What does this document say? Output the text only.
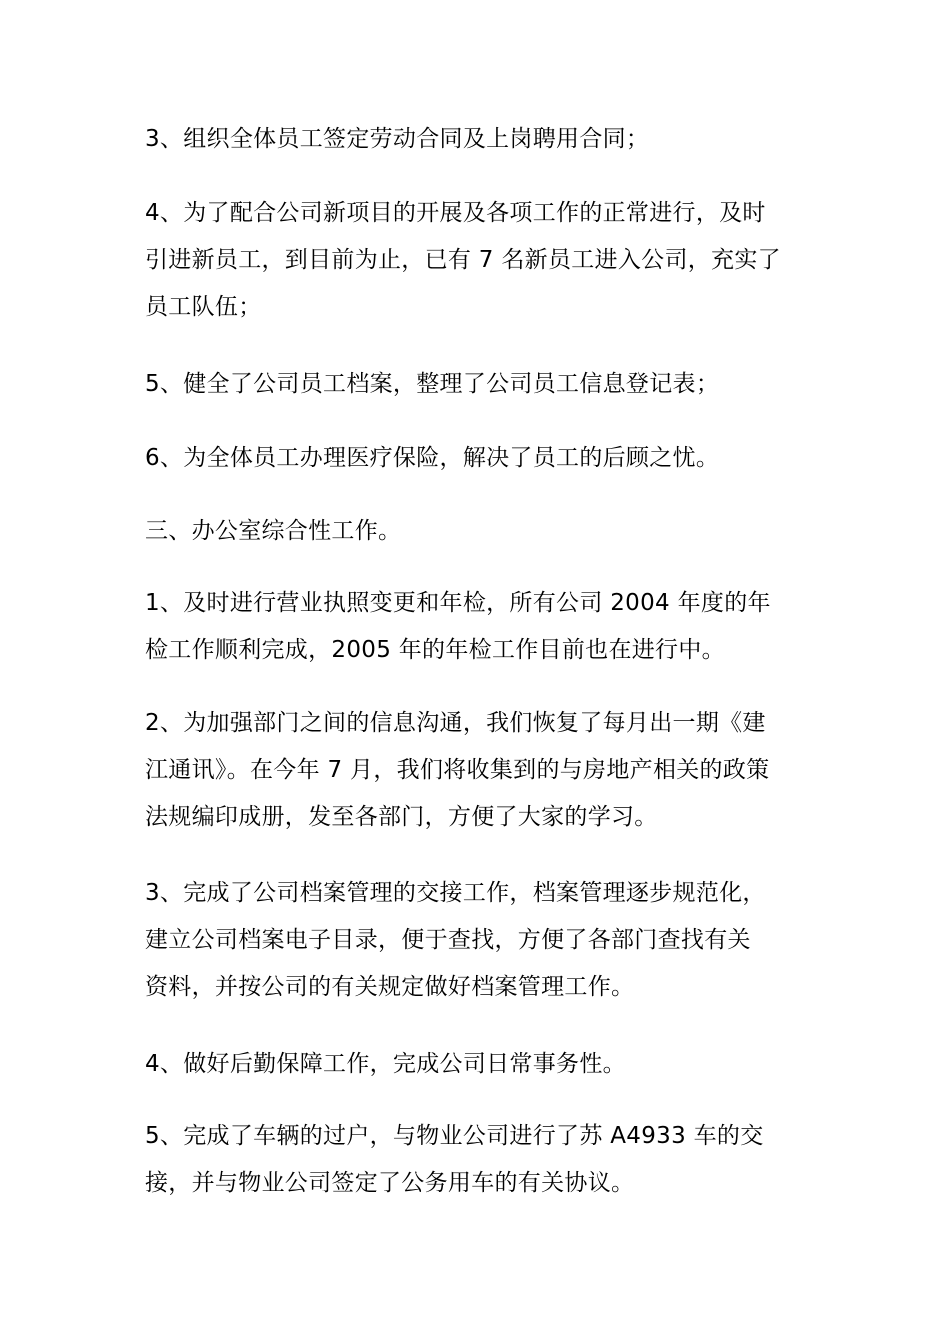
3、组织全体员工签定劳动合同及上岗聘用合同；

4、为了配合公司新项目的开展及各项工作的正常进行，及时
引进新员工，到目前为止，已有 7 名新员工进入公司，充实了
员工队伍；

5、健全了公司员工档案，整理了公司员工信息登记表；

6、为全体员工办理医疗保险，解决了员工的后顾之忧。

三、办公室综合性工作。

1、及时进行营业执照变更和年检，所有公司 2004 年度的年
检工作顺利完成，2005 年的年检工作目前也在进行中。

2、为加强部门之间的信息沟通，我们恢复了每月出一期《建
江通讯》。在今年 7 月，我们将收集到的与房地产相关的政策
法规编印成册，发至各部门，方便了大家的学习。

3、完成了公司档案管理的交接工作，档案管理逐步规范化，
建立公司档案电子目录，便于查找，方便了各部门查找有关
资料，并按公司的有关规定做好档案管理工作。

4、做好后勤保障工作，完成公司日常事务性。

5、完成了车辆的过户，与物业公司进行了苏 A4933 车的交
接，并与物业公司签定了公务用车的有关协议。
